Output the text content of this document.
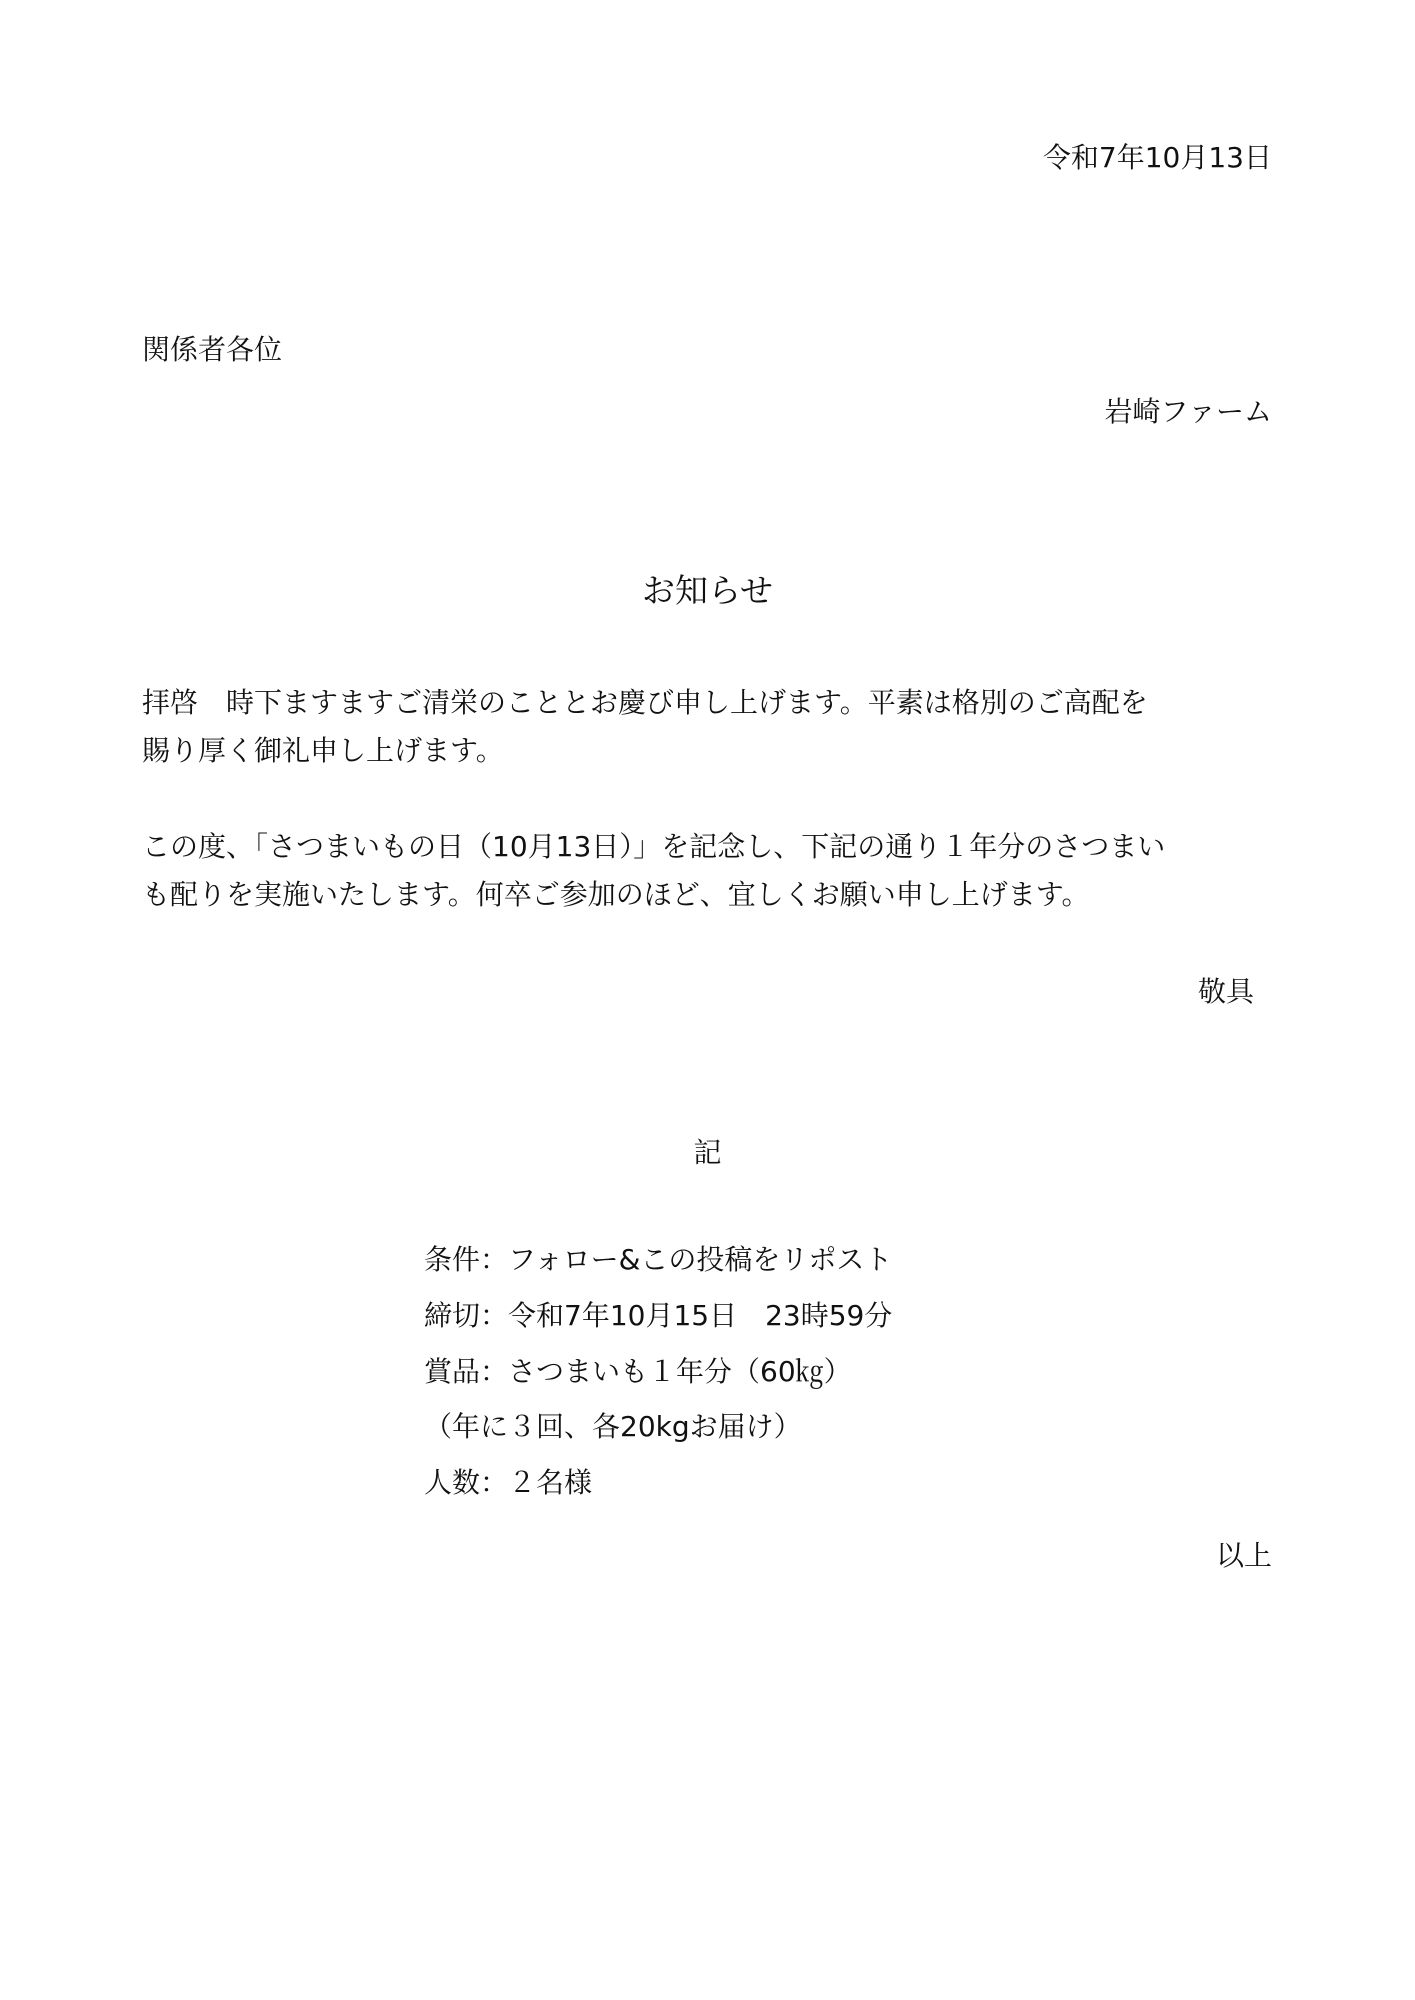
令和7年10月13日

関係者各位

岩崎ファーム

お知らせ

拝啓　時下ますますご清栄のこととお慶び申し上げます。平素は格別のご高配を

賜り厚く御礼申し上げます。

この度、「さつまいもの日（10月13日）」を記念し、下記の通り１年分のさつまい

も配りを実施いたします。何卒ご参加のほど、宜しくお願い申し上げます。

敬具

記

条件：フォロー&この投稿をリポスト

締切：令和7年10月15日　23時59分

賞品：さつまいも１年分（60㎏）

（年に３回、各20kgお届け）

人数：２名様

以上
